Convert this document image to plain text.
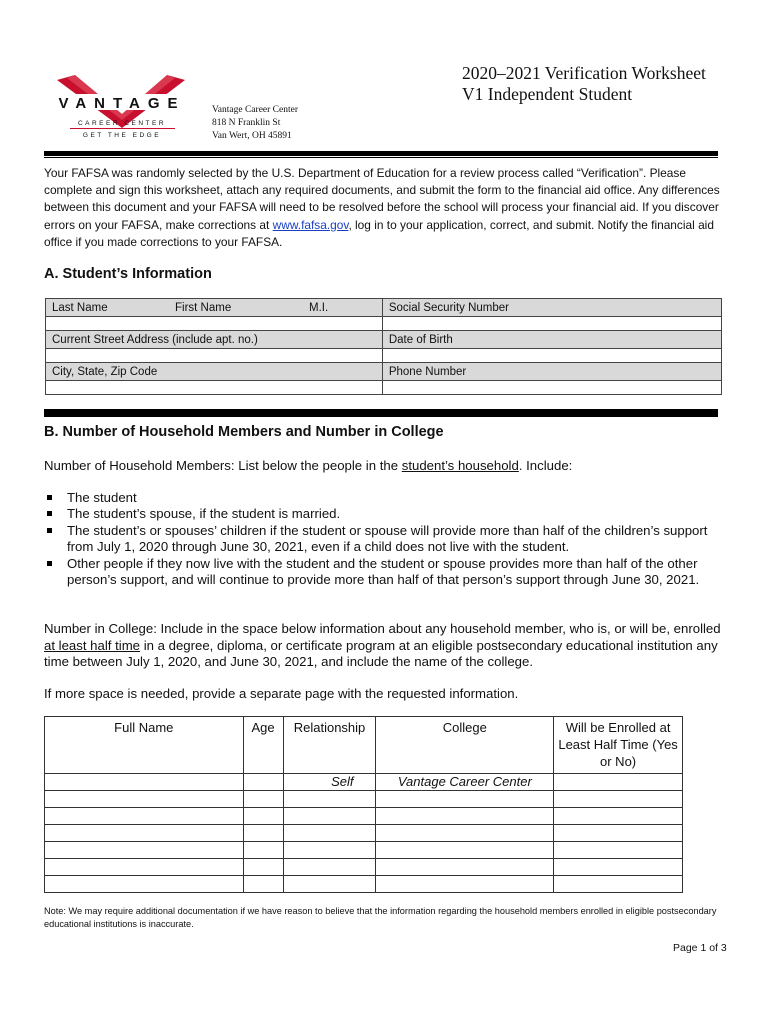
VANTAGE
CAREER CENTER
GET THE EDGE
Vantage Career Center
818 N Franklin St
Van Wert, OH 45891
2020–2021 Verification Worksheet
V1 Independent Student
Your FAFSA was randomly selected by the U.S. Department of Education for a review process called “Verification”. Please complete and sign this worksheet, attach any required documents, and submit the form to the financial aid office. Any differences between this document and your FAFSA will need to be resolved before the school will process your financial aid. If you discover errors on your FAFSA, make corrections at www.fafsa.gov, log in to your application, correct, and submit. Notify the financial aid office if you made corrections to your FAFSA.
A. Student’s Information
Last Name First Name M.I.	Social Security Number

Current Street Address (include apt. no.)	Date of Birth

City, State, Zip Code	Phone Number

B. Number of Household Members and Number in College
Number of Household Members: List below the people in the student’s household. Include:
The student
The student’s spouse, if the student is married.
The student’s or spouses’ children if the student or spouse will provide more than half of the children’s support from July 1, 2020 through June 30, 2021, even if a child does not live with the student.
Other people if they now live with the student and the student or spouse provides more than half of the other person’s support, and will continue to provide more than half of that person’s support through June 30, 2021.
Number in College: Include in the space below information about any household member, who is, or will be, enrolled at least half time in a degree, diploma, or certificate program at an eligible postsecondary educational institution any time between July 1, 2020, and June 30, 2021, and include the name of the college.
If more space is needed, provide a separate page with the requested information.
Full Name	Age	Relationship	College	Will be Enrolled at Least Half Time (Yes or No)
		Self	Vantage Career Center	

Note: We may require additional documentation if we have reason to believe that the information regarding the household members enrolled in eligible postsecondary educational institutions is inaccurate.
Page 1 of 3
